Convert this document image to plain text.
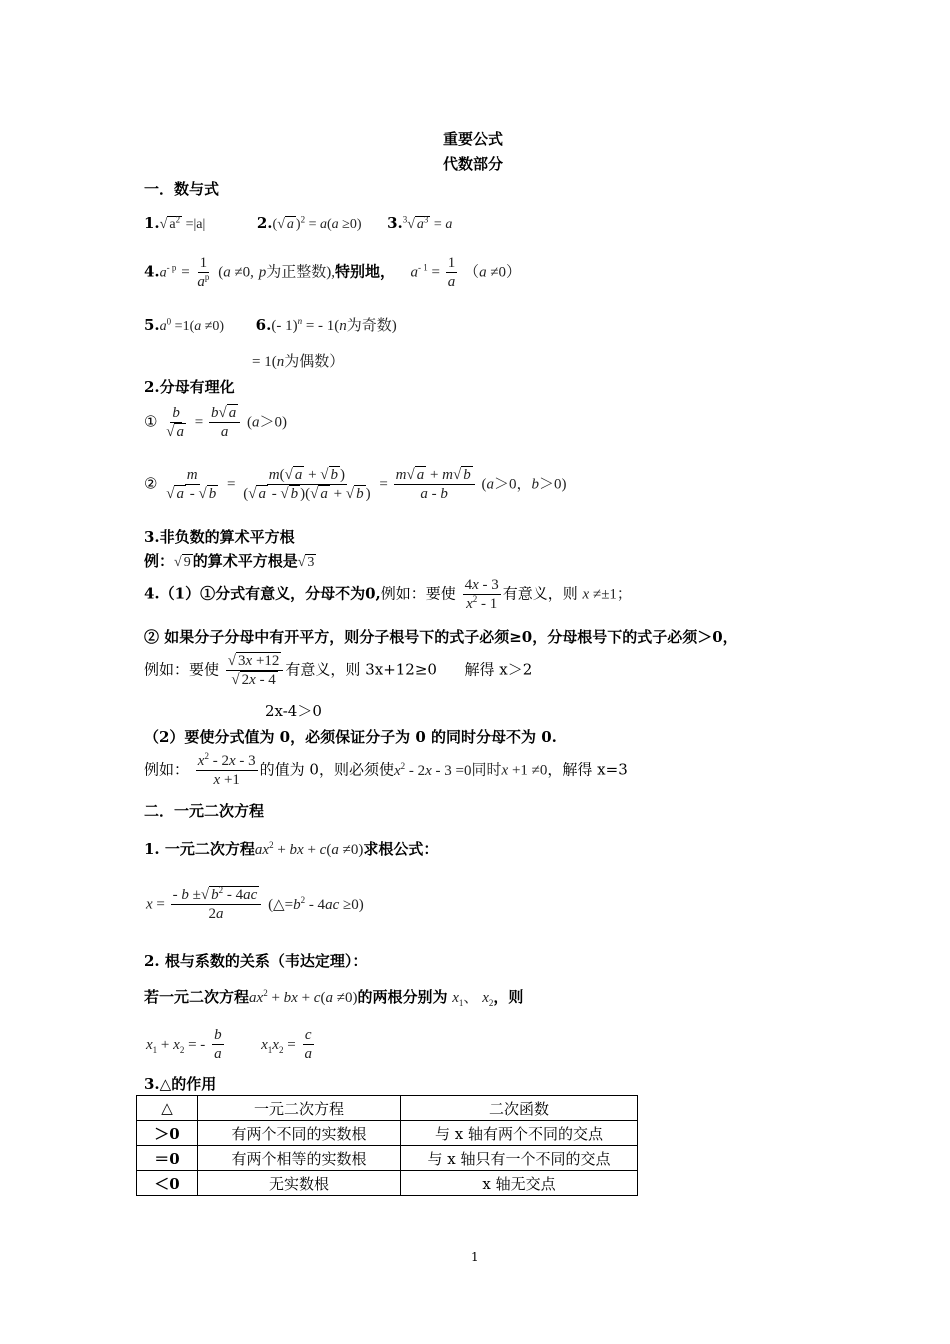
重要公式
代数部分
一．数与式
1.√ $a^2 =|a|$	2.(√ a )$^2$ = a(a ≥0) 3.$^3$√ $a^3 = a$
$4.a^{- p} = \frac{1}{a^p} (a \ne 0$, p为正整数),特别地， $a^{- 1} = \frac{1}{a} (a \ne 0)$
$5.a^0 =1(a \ne 0)$ 6.(- 1)$^n$ = - 1(n为奇数)
= 1(n为偶数）
2.分母有理化
① $\frac{b}{√ a} = \frac{b√ a}{a} (a>0)$
② $\frac{m}{√ a - √ b} = \frac{m(√ a + √ b )}{(√ a - √ b )(√ a + √ b )} = \frac{m√ a + m√ b}{a - b} (a>0$，b＞0)
3.非负数的算术平方根
例：√ 9 的算术平方根是√ 3
4.（1）①分式有意义，分母不为0,例如：要使 $\frac{4x - 3}{x^2 - 1}$ 有意义，则 x ≠±1；
② 如果分子分母中有开平方，则分子根号下的式子必须≥0，分母根号下的式子必须＞0，
例如：要使 $\frac{√ 3x +12}{√ 2x - 4}$ 有意义，则 3x+12≥0 解得 x＞2
2x-4＞0
（2）要使分式值为 0，必须保证分子为 0 的同时分母不为 0.
例如： $\frac{x^2 - 2x - 3}{x +1}$ 的值为 0，则必须使$x^2 - 2x - 3 =0$同时x +1 ≠0，解得 x=3
二．一元二次方程
1. 一元二次方程$ax^2$ + bx + c(a ≠0)求根公式：
$x = \frac{- b \pm√ b^2 - 4ac}{2a}$ $(\triangle=b^2 - 4ac \ge 0)$
2. 根与系数的关系（韦达定理）：
若一元二次方程$ax^2$ + bx + c(a ≠0)的两根分别为 $x_1$、 $x_2$，则
$x_1 + x_2$ = - $\frac{b}{a}$	$x_1x_2 = \frac{c}{a}$
3.△的作用
△	一元二次方程	二次函数
＞0	有两个不同的实数根	与 x 轴有两个不同的交点
＝0	有两个相等的实数根	与 x 轴只有一个不同的交点
＜0	无实数根	x 轴无交点
1
